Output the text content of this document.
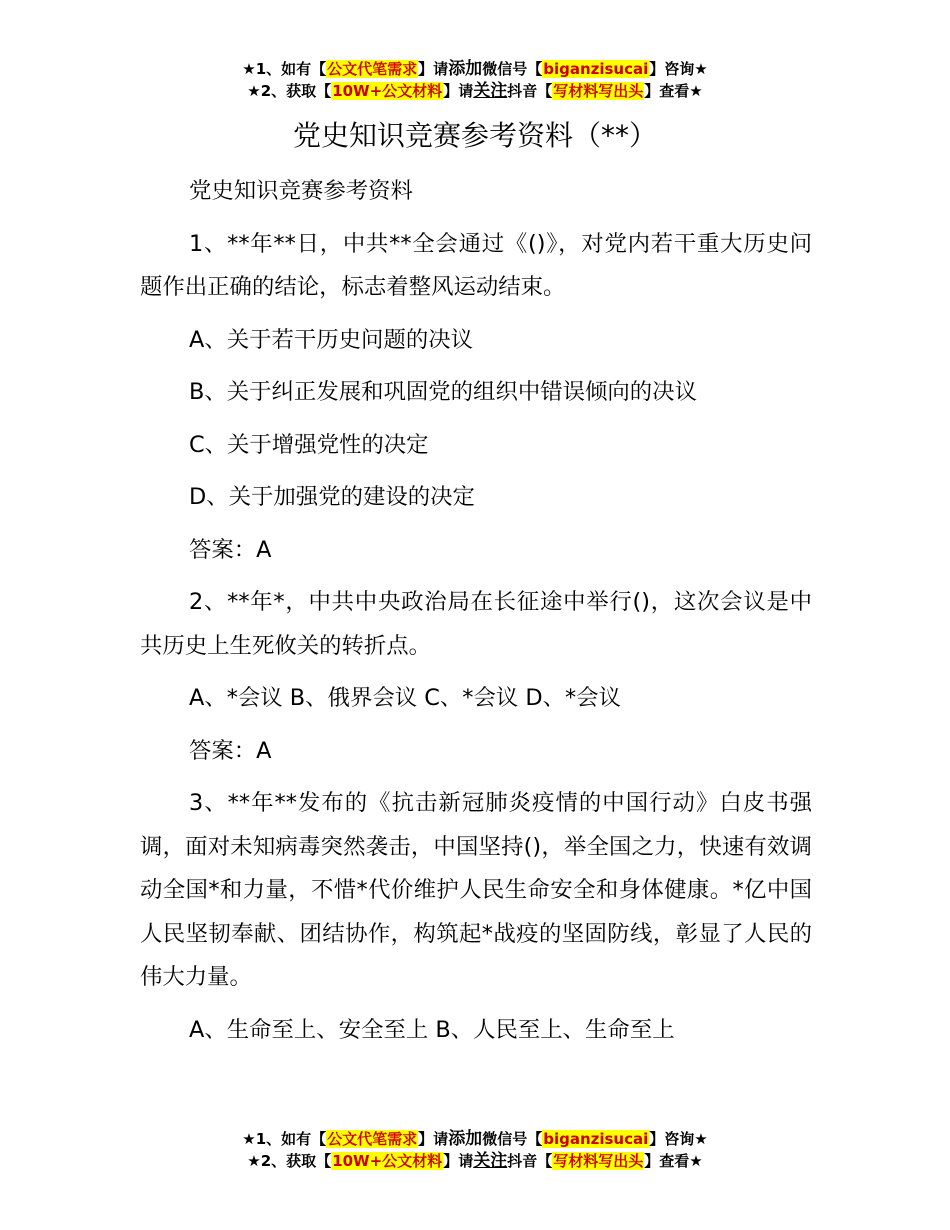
★1、如有【公文代笔需求】请添加微信号【biganzisucai】咨询★
★2、获取【10W+公文材料】请关注抖音【写材料写出头】查看★
党史知识竞赛参考资料（**）

党史知识竞赛参考资料

1、**年**日，中共**全会通过《()》，对党内若干重大历史问题作出正确的结论，标志着整风运动结束。

A、关于若干历史问题的决议

B、关于纠正发展和巩固党的组织中错误倾向的决议

C、关于增强党性的决定

D、关于加强党的建设的决定

答案：A

2、**年*，中共中央政治局在长征途中举行()，这次会议是中共历史上生死攸关的转折点。

A、*会议 B、俄界会议 C、*会议 D、*会议

答案：A

3、**年**发布的《抗击新冠肺炎疫情的中国行动》白皮书强调，面对未知病毒突然袭击，中国坚持()，举全国之力，快速有效调动全国*和力量，不惜*代价维护人民生命安全和身体健康。*亿中国人民坚韧奉献、团结协作，构筑起*战疫的坚固防线，彰显了人民的伟大力量。

A、生命至上、安全至上 B、人民至上、生命至上

★1、如有【公文代笔需求】请添加微信号【biganzisucai】咨询★
★2、获取【10W+公文材料】请关注抖音【写材料写出头】查看★
